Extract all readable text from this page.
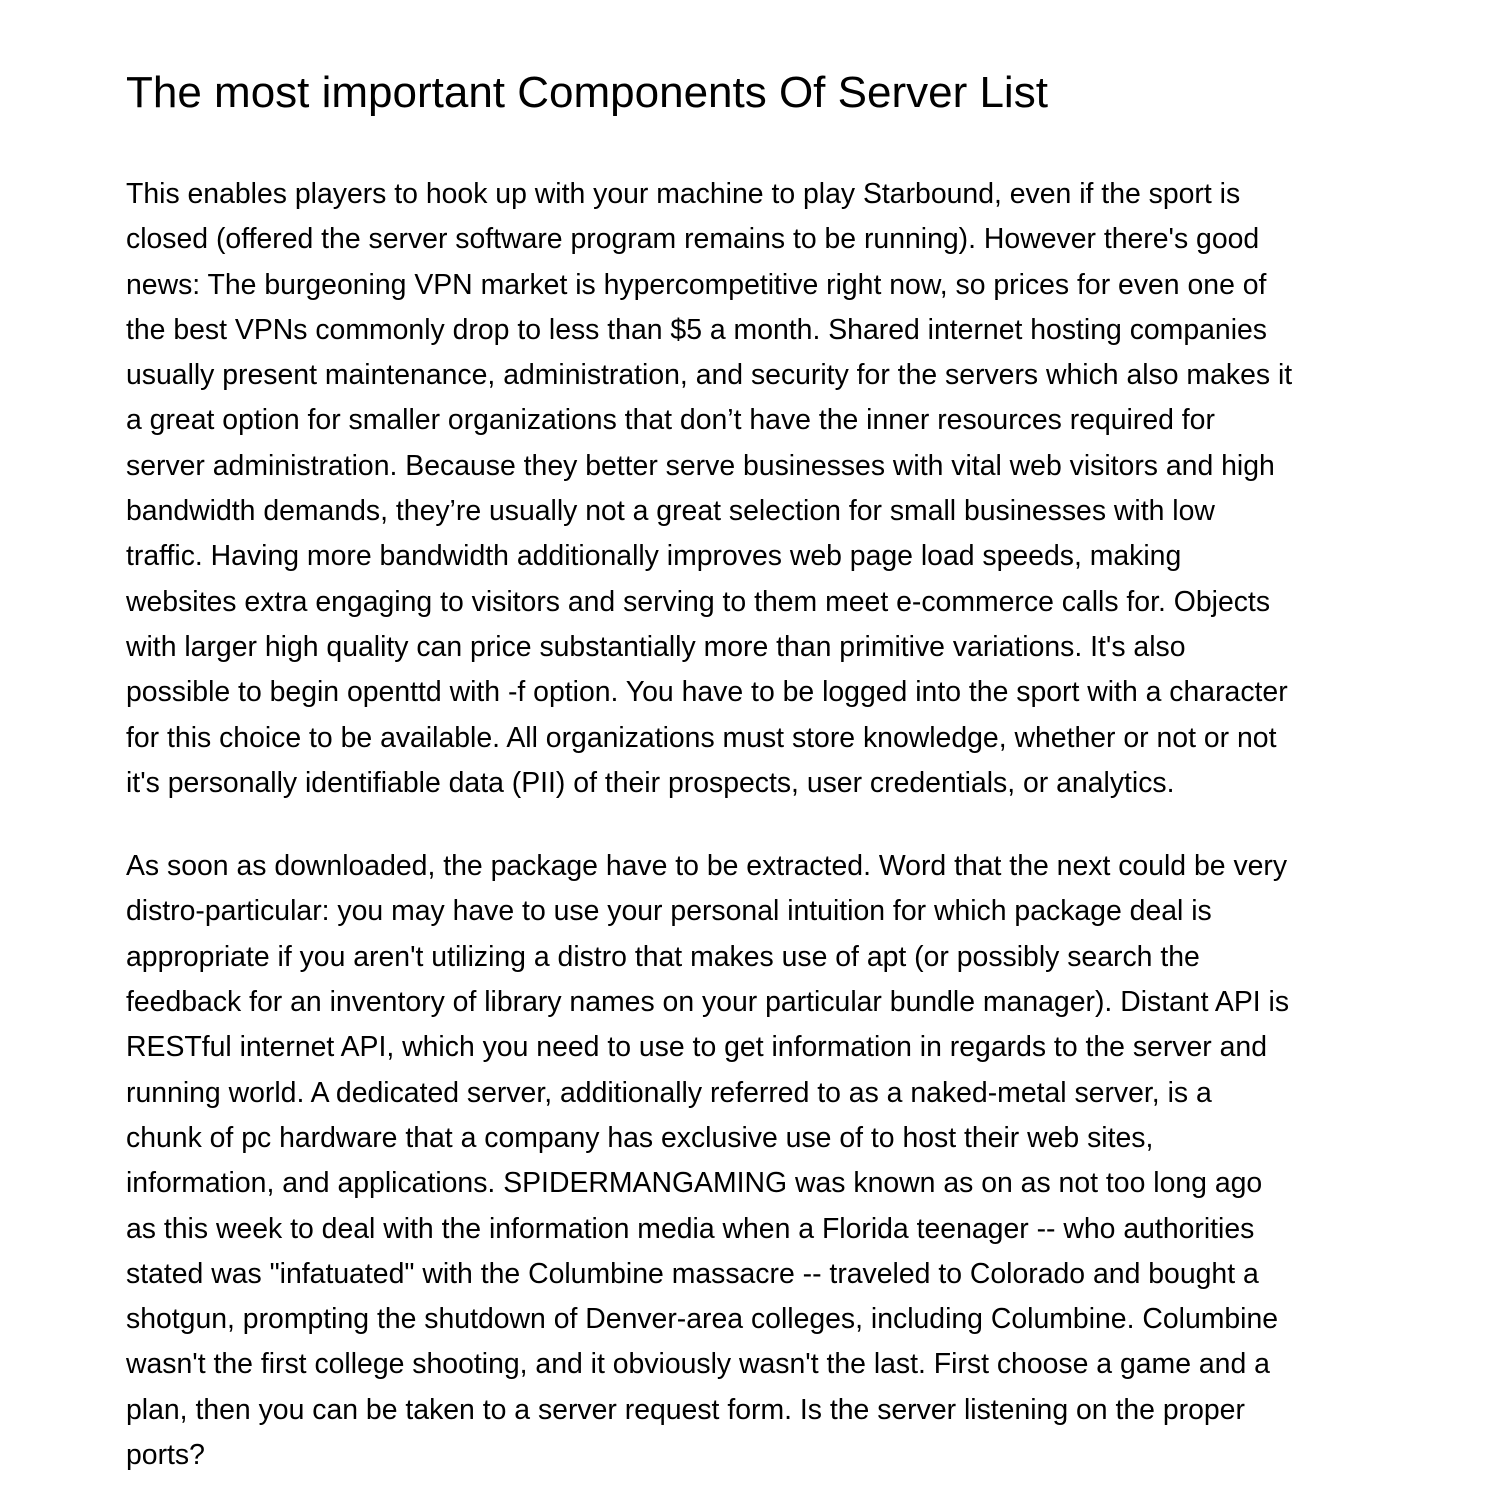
The most important Components Of Server List

This enables players to hook up with your machine to play Starbound, even if the sport is
closed (offered the server software program remains to be running). However there's good
news: The burgeoning VPN market is hypercompetitive right now, so prices for even one of
the best VPNs commonly drop to less than $5 a month. Shared internet hosting companies
usually present maintenance, administration, and security for the servers which also makes it
a great option for smaller organizations that don’t have the inner resources required for
server administration. Because they better serve businesses with vital web visitors and high
bandwidth demands, they’re usually not a great selection for small businesses with low
traffic. Having more bandwidth additionally improves web page load speeds, making
websites extra engaging to visitors and serving to them meet e-commerce calls for. Objects
with larger high quality can price substantially more than primitive variations. It's also
possible to begin openttd with -f option. You have to be logged into the sport with a character
for this choice to be available. All organizations must store knowledge, whether or not or not
it's personally identifiable data (PII) of their prospects, user credentials, or analytics.

As soon as downloaded, the package have to be extracted. Word that the next could be very
distro-particular: you may have to use your personal intuition for which package deal is
appropriate if you aren't utilizing a distro that makes use of apt (or possibly search the
feedback for an inventory of library names on your particular bundle manager). Distant API is
RESTful internet API, which you need to use to get information in regards to the server and
running world. A dedicated server, additionally referred to as a naked-metal server, is a
chunk of pc hardware that a company has exclusive use of to host their web sites,
information, and applications. SPIDERMANGAMING was known as on as not too long ago
as this week to deal with the information media when a Florida teenager -- who authorities
stated was "infatuated" with the Columbine massacre -- traveled to Colorado and bought a
shotgun, prompting the shutdown of Denver-area colleges, including Columbine. Columbine
wasn't the first college shooting, and it obviously wasn't the last. First choose a game and a
plan, then you can be taken to a server request form. Is the server listening on the proper
ports?
